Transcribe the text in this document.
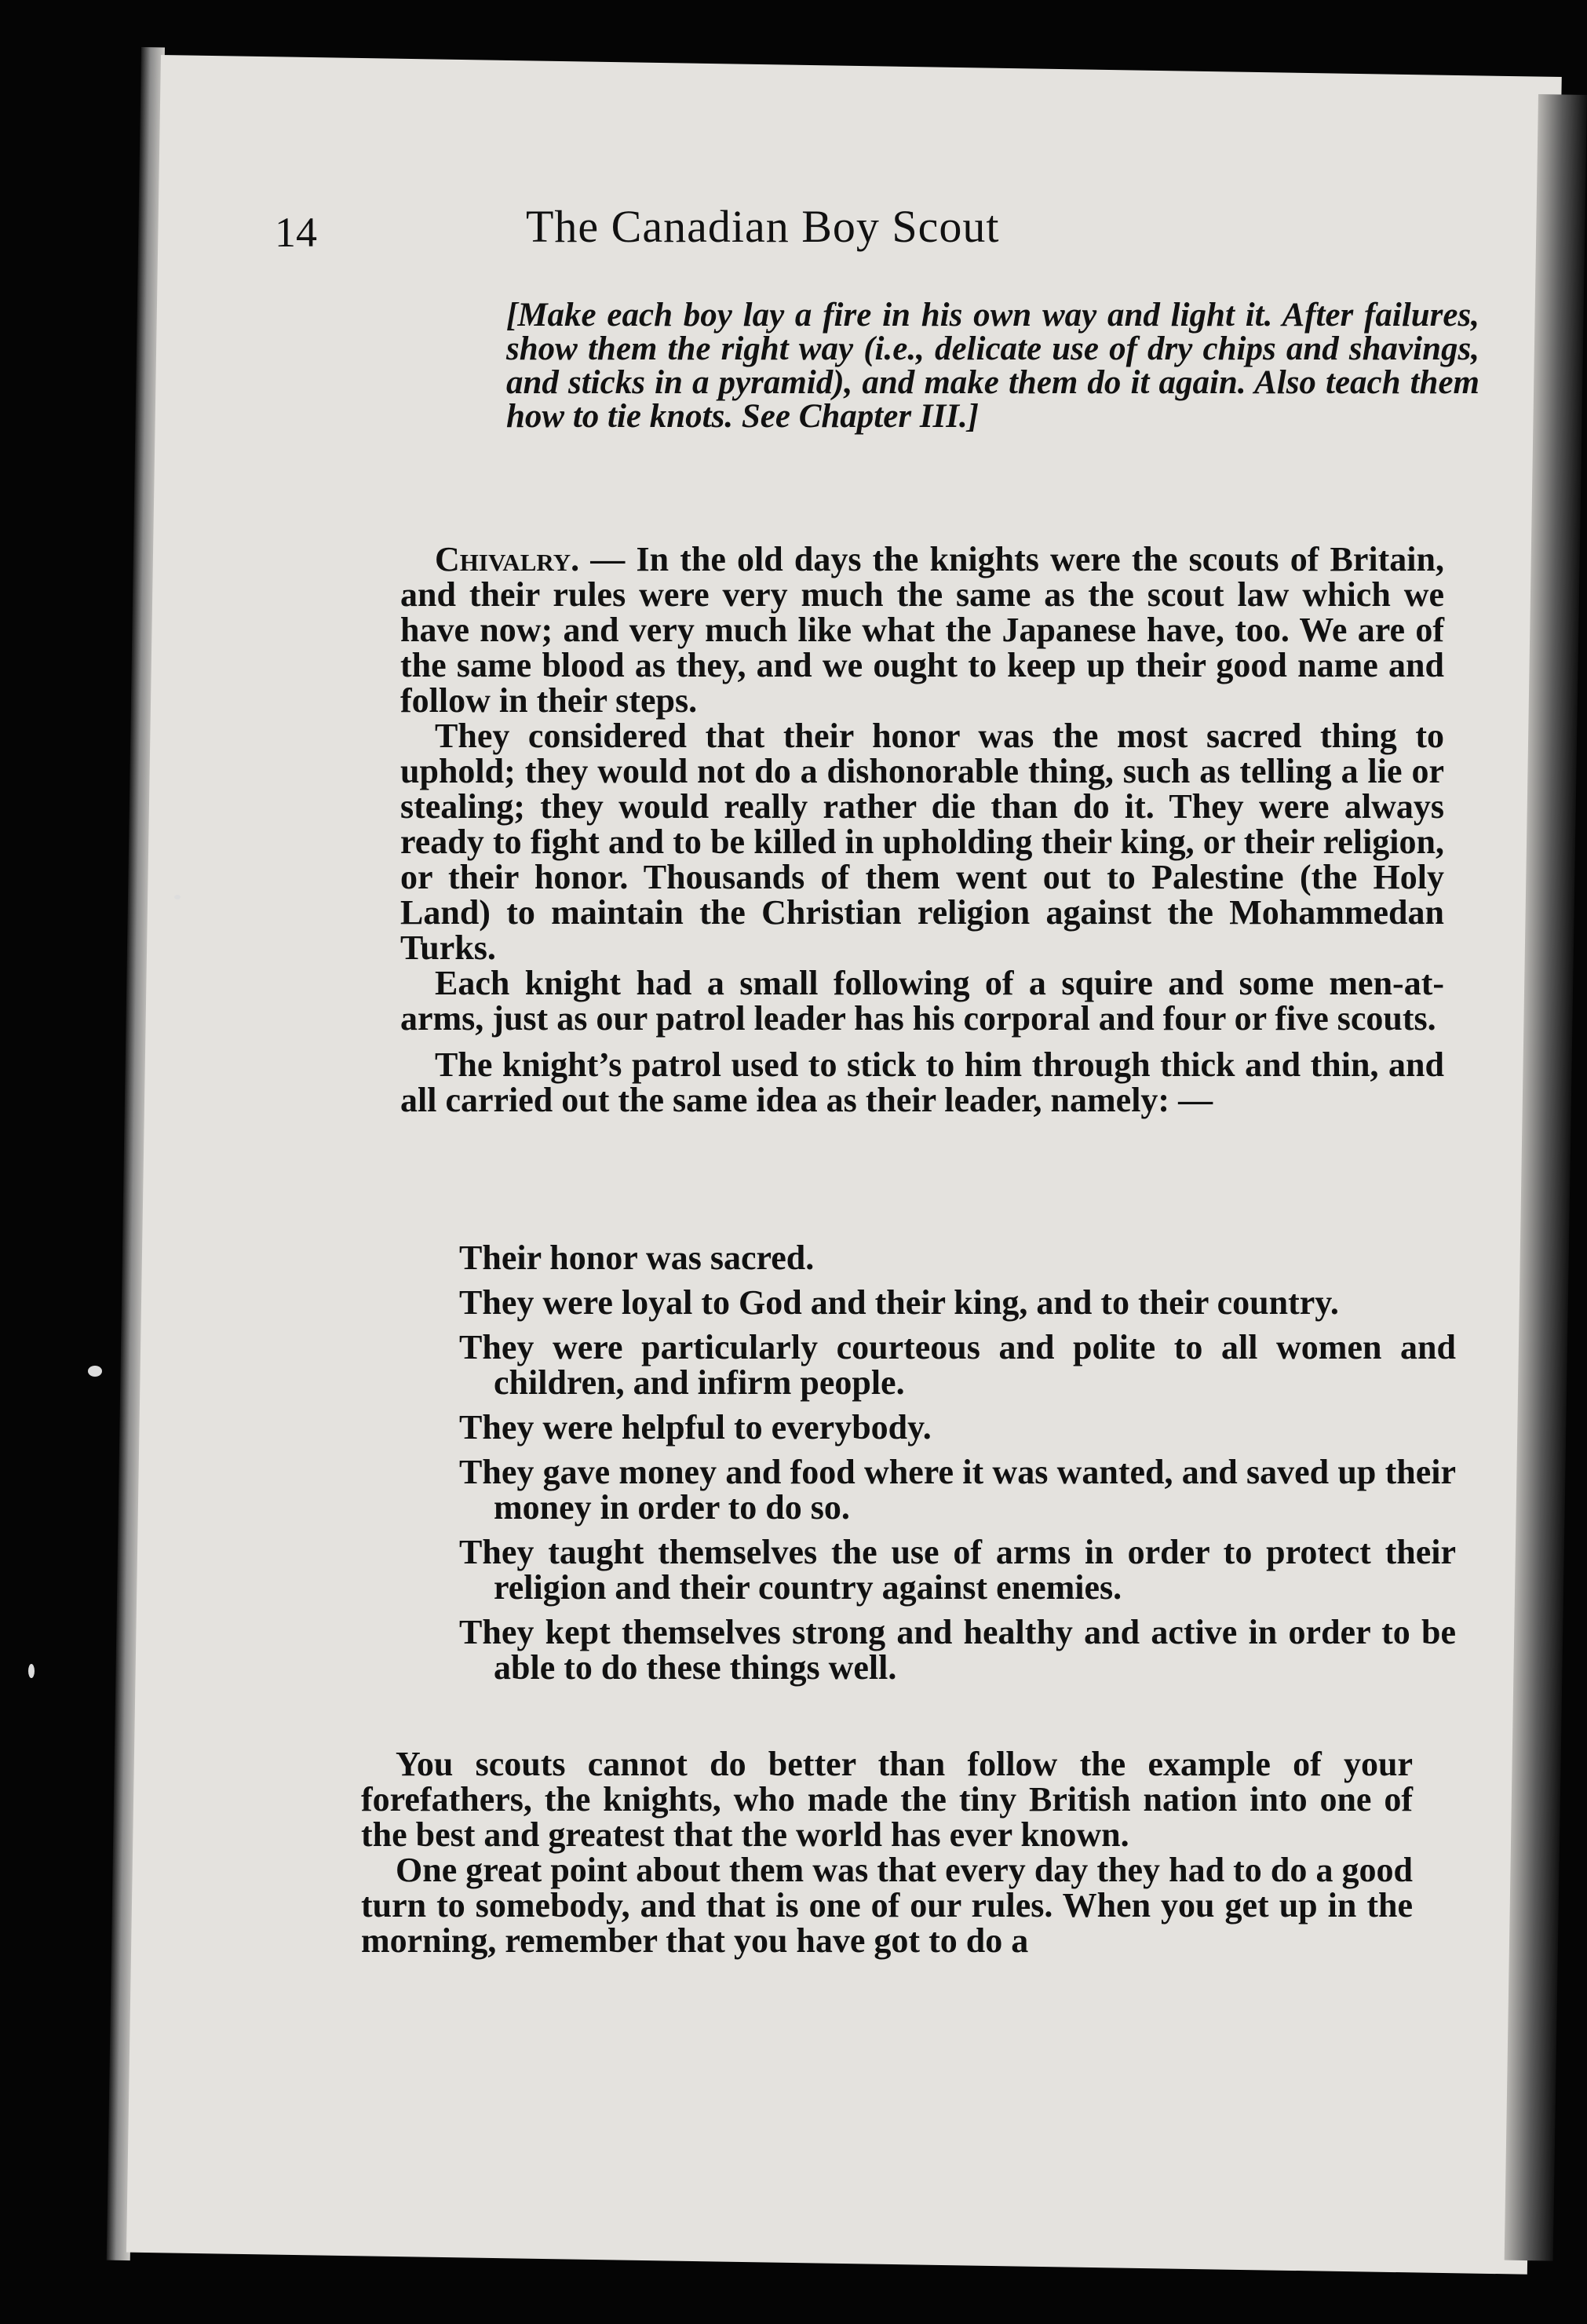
14	The Canadian Boy Scout
[Make each boy lay a fire in his own way and light it. After failures, show them the right way (i.e., delicate use of dry chips and shavings, and sticks in a pyramid), and make them do it again. Also teach them how to tie knots. See Chapter III.]

Chivalry. — In the old days the knights were the scouts of Britain, and their rules were very much the same as the scout law which we have now; and very much like what the Japanese have, too. We are of the same blood as they, and we ought to keep up their good name and follow in their steps.

They considered that their honor was the most sacred thing to uphold; they would not do a dishonorable thing, such as telling a lie or stealing; they would really rather die than do it. They were always ready to fight and to be killed in upholding their king, or their religion, or their honor. Thousands of them went out to Palestine (the Holy Land) to maintain the Christian religion against the Mohammedan Turks.

Each knight had a small following of a squire and some men-at-arms, just as our patrol leader has his corporal and four or five scouts.

The knight’s patrol used to stick to him through thick and thin, and all carried out the same idea as their leader, namely: —

Their honor was sacred.
They were loyal to God and their king, and to their country.
They were particularly courteous and polite to all women and children, and infirm people.
They were helpful to everybody.
They gave money and food where it was wanted, and saved up their money in order to do so.
They taught themselves the use of arms in order to protect their religion and their country against enemies.
They kept themselves strong and healthy and active in order to be able to do these things well.

You scouts cannot do better than follow the example of your forefathers, the knights, who made the tiny British nation into one of the best and greatest that the world has ever known.

One great point about them was that every day they had to do a good turn to somebody, and that is one of our rules. When you get up in the morning, remember that you have got to do a
